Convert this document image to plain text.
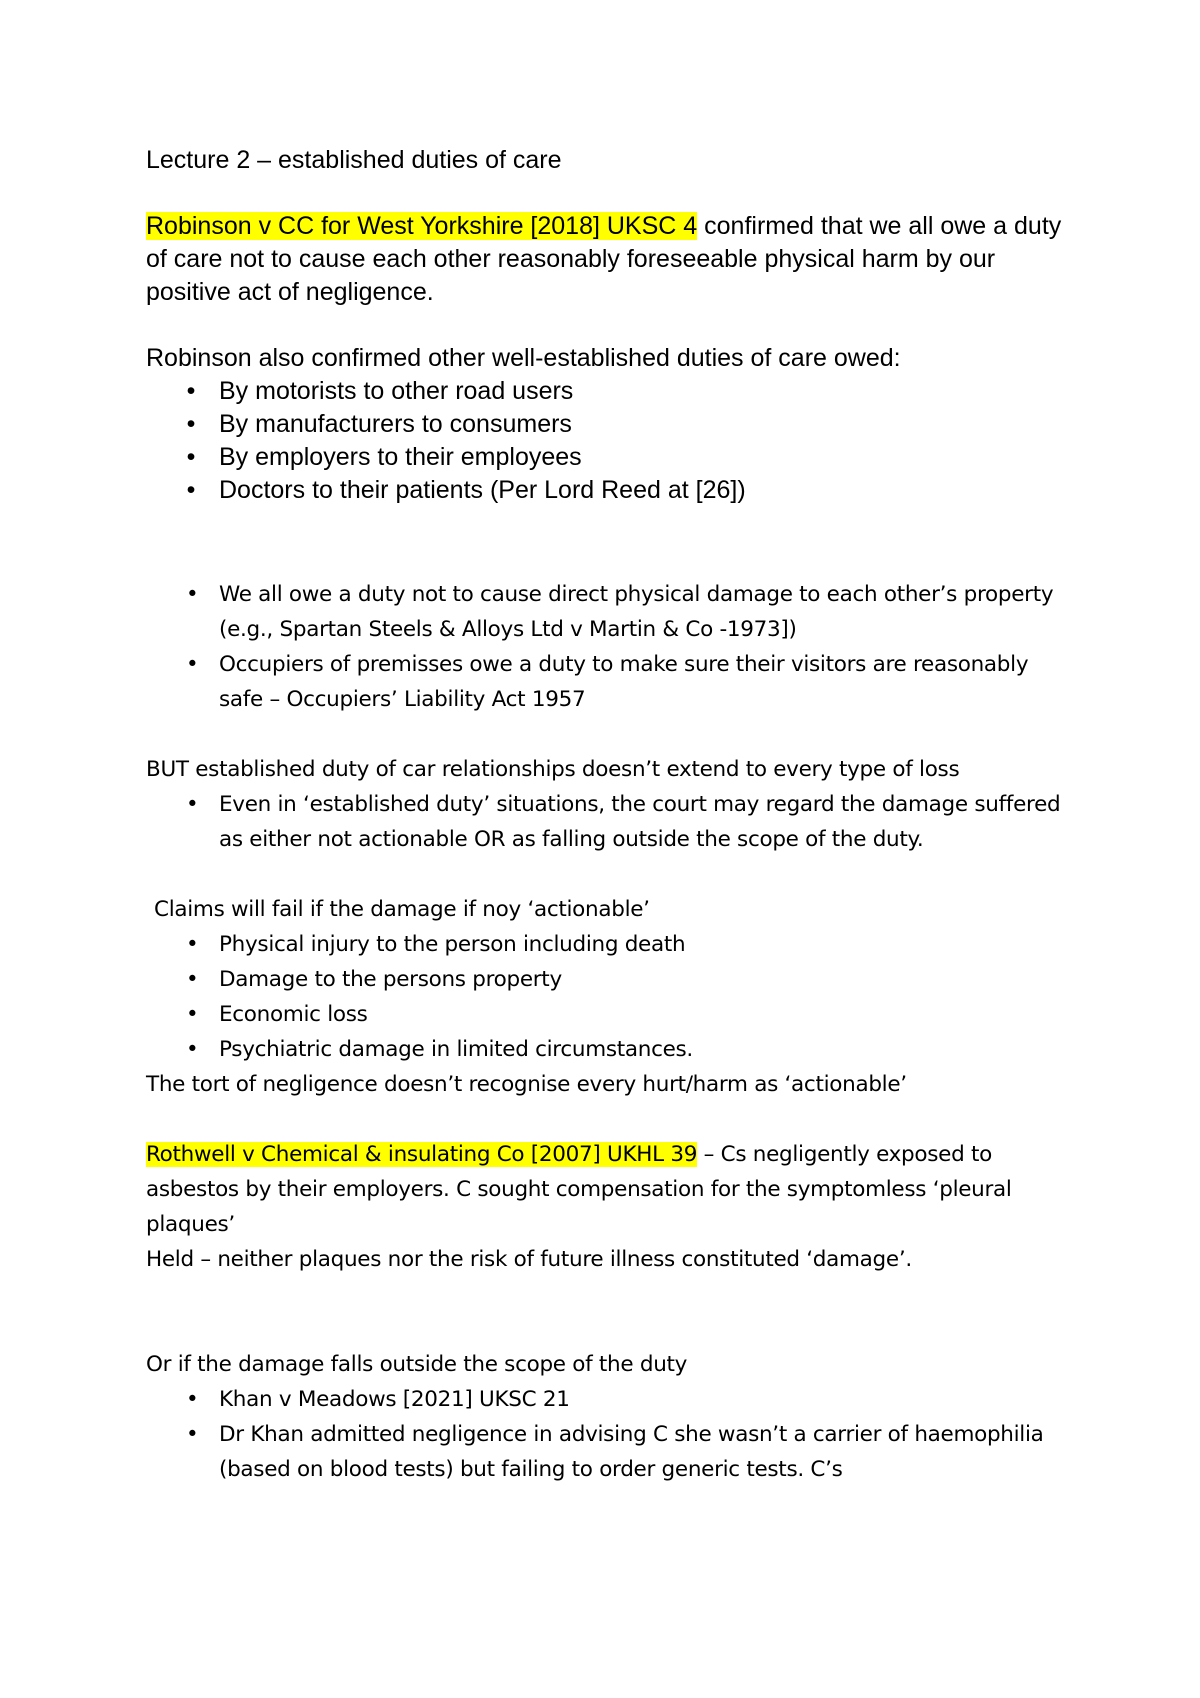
Lecture 2 – established duties of care

Robinson v CC for West Yorkshire [2018] UKSC 4 confirmed that we all owe a duty of care not to cause each other reasonably foreseeable physical harm by our positive act of negligence.

Robinson also confirmed other well-established duties of care owed:

• By motorists to other road users
• By manufacturers to consumers
• By employers to their employees
• Doctors to their patients (Per Lord Reed at [26])
• We all owe a duty not to cause direct physical damage to each other’s property (e.g., Spartan Steels & Alloys Ltd v Martin & Co -1973])
• Occupiers of premisses owe a duty to make sure their visitors are reasonably safe – Occupiers’ Liability Act 1957

BUT established duty of car relationships doesn’t extend to every type of loss

• Even in ‘established duty’ situations, the court may regard the damage suffered as either not actionable OR as falling outside the scope of the duty.

Claims will fail if the damage if noy ‘actionable’

• Physical injury to the person including death
• Damage to the persons property
• Economic loss
• Psychiatric damage in limited circumstances.

The tort of negligence doesn’t recognise every hurt/harm as ‘actionable’

Rothwell v Chemical & insulating Co [2007] UKHL 39 – Cs negligently exposed to asbestos by their employers. C sought compensation for the symptomless ‘pleural plaques’

Held – neither plaques nor the risk of future illness constituted ‘damage’.

Or if the damage falls outside the scope of the duty

• Khan v Meadows [2021] UKSC 21
• Dr Khan admitted negligence in advising C she wasn’t a carrier of haemophilia (based on blood tests) but failing to order generic tests. C’s
